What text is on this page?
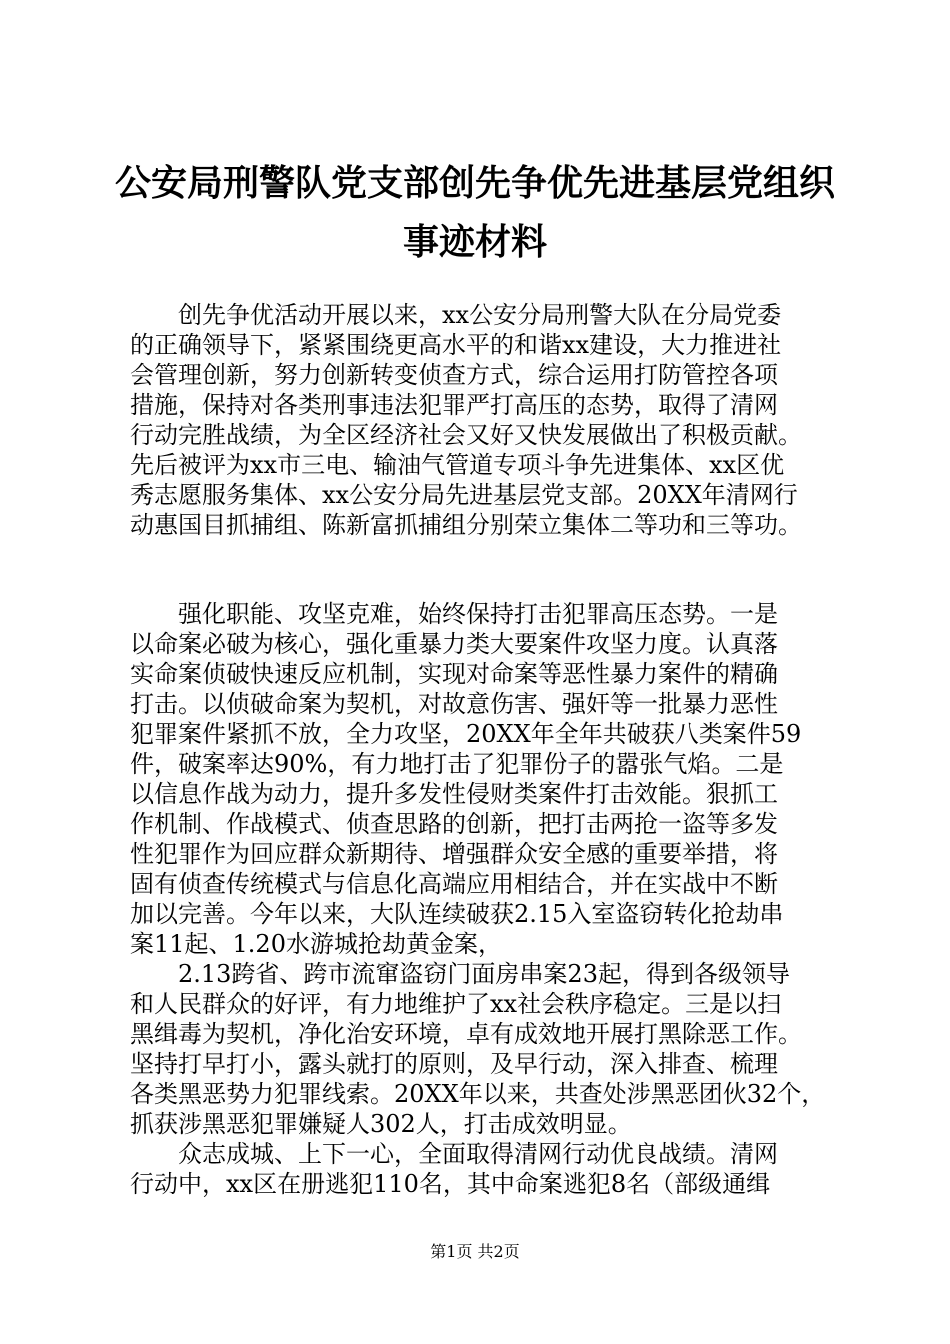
公安局刑警队党支部创先争优先进基层党组织
事迹材料
　　创先争优活动开展以来，xx公安分局刑警大队在分局党委
的正确领导下，紧紧围绕更高水平的和谐xx建设，大力推进社
会管理创新，努力创新转变侦查方式，综合运用打防管控各项
措施，保持对各类刑事违法犯罪严打高压的态势，取得了清网
行动完胜战绩，为全区经济社会又好又快发展做出了积极贡献。
先后被评为xx市三电、输油气管道专项斗争先进集体、xx区优
秀志愿服务集体、xx公安分局先进基层党支部。20XX年清网行
动惠国目抓捕组、陈新富抓捕组分别荣立集体二等功和三等功。
　　强化职能、攻坚克难，始终保持打击犯罪高压态势。一是
以命案必破为核心，强化重暴力类大要案件攻坚力度。认真落
实命案侦破快速反应机制，实现对命案等恶性暴力案件的精确
打击。以侦破命案为契机，对故意伤害、强奸等一批暴力恶性
犯罪案件紧抓不放，全力攻坚，20XX年全年共破获八类案件59
件，破案率达90%，有力地打击了犯罪份子的嚣张气焰。二是
以信息作战为动力，提升多发性侵财类案件打击效能。狠抓工
作机制、作战模式、侦查思路的创新，把打击两抢一盗等多发
性犯罪作为回应群众新期待、增强群众安全感的重要举措，将
固有侦查传统模式与信息化高端应用相结合，并在实战中不断
加以完善。今年以来，大队连续破获2.15入室盗窃转化抢劫串
案11起、1.20水游城抢劫黄金案，
　　2.13跨省、跨市流窜盗窃门面房串案23起，得到各级领导
和人民群众的好评，有力地维护了xx社会秩序稳定。三是以扫
黑缉毒为契机，净化治安环境，卓有成效地开展打黑除恶工作。
坚持打早打小，露头就打的原则，及早行动，深入排查、梳理
各类黑恶势力犯罪线索。20XX年以来，共查处涉黑恶团伙32个，
抓获涉黑恶犯罪嫌疑人302人，打击成效明显。
　　众志成城、上下一心，全面取得清网行动优良战绩。清网
行动中，xx区在册逃犯110名，其中命案逃犯8名（部级通缉
第1页 共2页
